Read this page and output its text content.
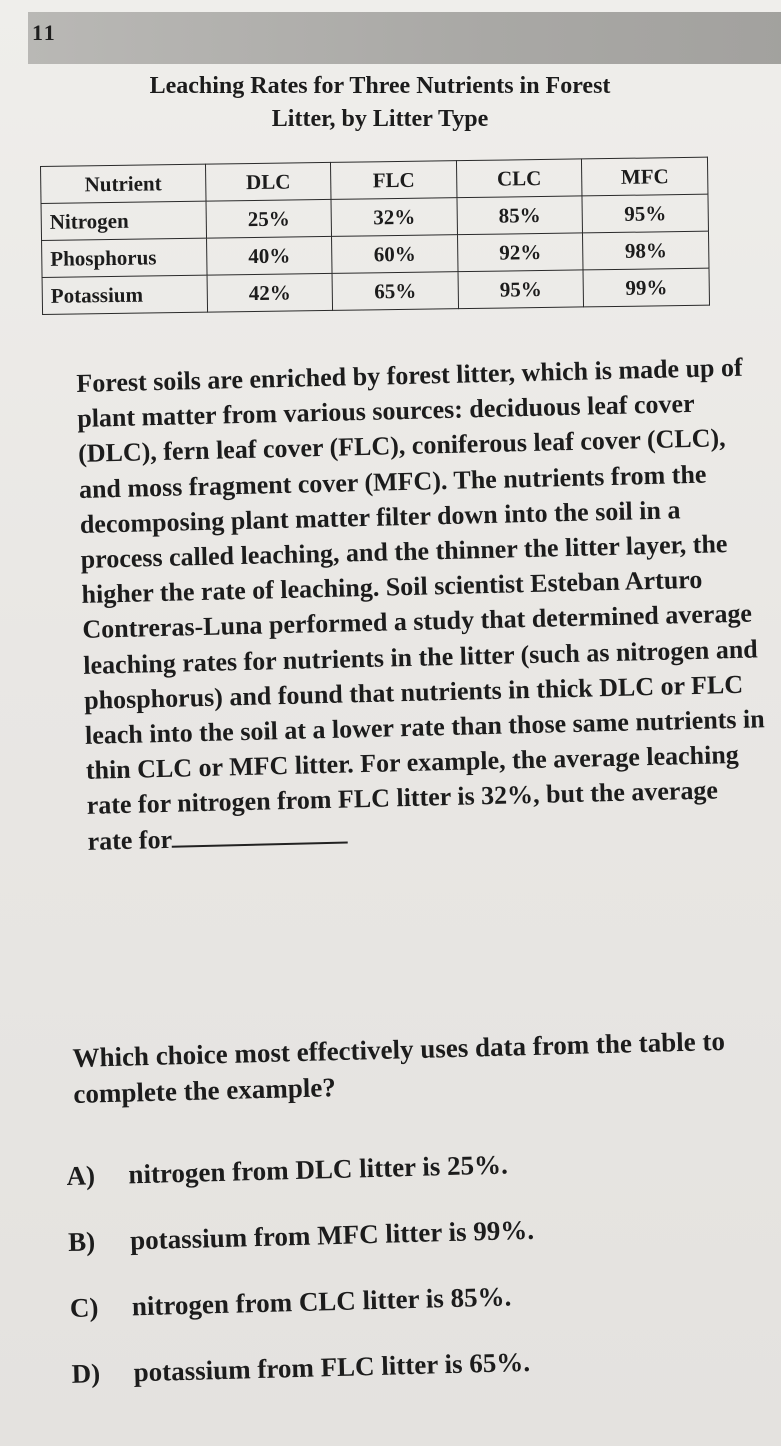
11
Leaching Rates for Three Nutrients in Forest
Litter, by Litter Type
Nutrient	DLC	FLC	CLC	MFC
Nitrogen	25%	32%	85%	95%
Phosphorus	40%	60%	92%	98%
Potassium	42%	65%	95%	99%
Forest soils are enriched by forest litter, which is made up of plant matter from various sources: deciduous leaf cover (DLC), fern leaf cover (FLC), coniferous leaf cover (CLC), and moss fragment cover (MFC). The nutrients from the decomposing plant matter filter down into the soil in a process called leaching, and the thinner the litter layer, the higher the rate of leaching. Soil scientist Esteban Arturo Contreras-Luna performed a study that determined average leaching rates for nutrients in the litter (such as nitrogen and phosphorus) and found that nutrients in thick DLC or FLC leach into the soil at a lower rate than those same nutrients in thin CLC or MFC litter. For example, the average leaching rate for nitrogen from FLC litter is 32%, but the average rate for
Which choice most effectively uses data from the table to complete the example?
A) nitrogen from DLC litter is 25%.
B) potassium from MFC litter is 99%.
C) nitrogen from CLC litter is 85%.
D) potassium from FLC litter is 65%.
